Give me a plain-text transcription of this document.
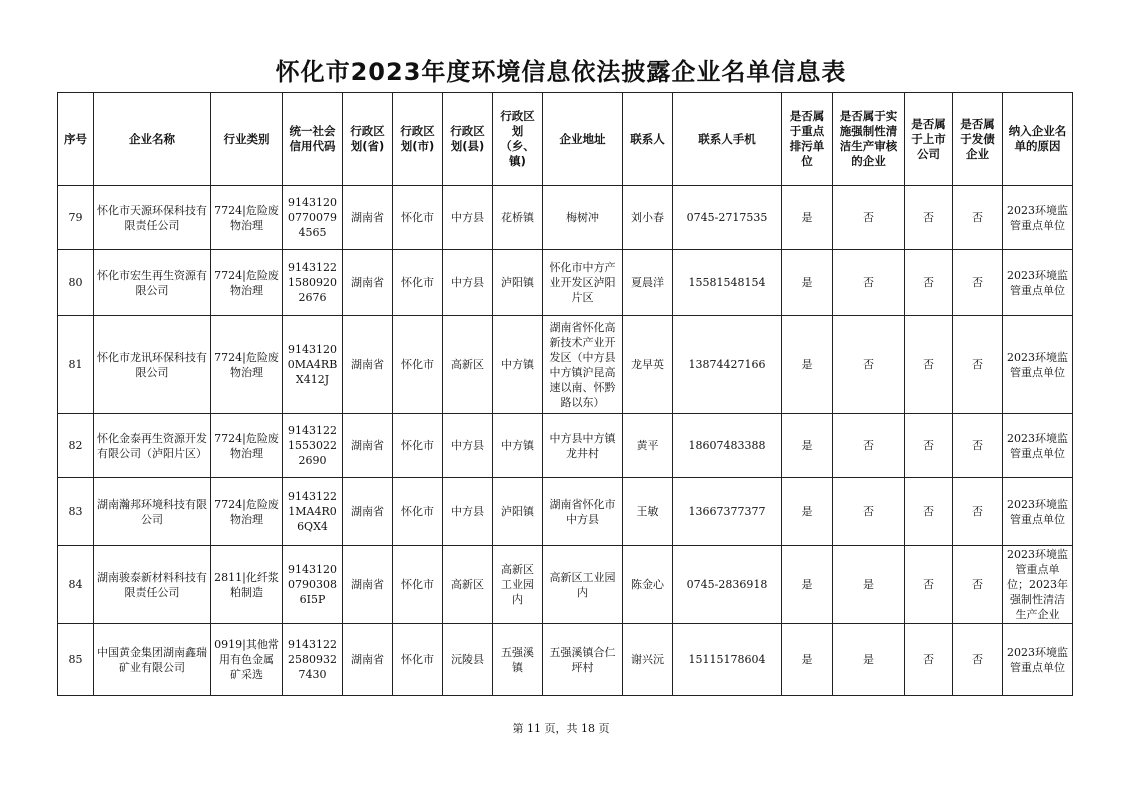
怀化市2023年度环境信息依法披露企业名单信息表
序号	企业名称	行业类别	统一社会信用代码	行政区划(省)	行政区划(市)	行政区划(县)	行政区划（乡、镇)	企业地址	联系人	联系人手机	是否属于重点排污单位	是否属于实施强制性清洁生产审核的企业	是否属于上市公司	是否属于发债企业	纳入企业名单的原因
79	怀化市天源环保科技有限责任公司	7724|危险废物治理	914312007700794565	湖南省	怀化市	中方县	花桥镇	梅树冲	刘小春	0745-2717535	是	否	否	否	2023环境监管重点单位
80	怀化市宏生再生资源有限公司	7724|危险废物治理	914312215809202676	湖南省	怀化市	中方县	泸阳镇	怀化市中方产业开发区泸阳片区	夏晨洋	15581548154	是	否	否	否	2023环境监管重点单位
81	怀化市龙讯环保科技有限公司	7724|危险废物治理	91431200MA4RBX412J	湖南省	怀化市	高新区	中方镇	湖南省怀化高新技术产业开发区（中方县中方镇沪昆高速以南、怀黔路以东）	龙早英	13874427166	是	否	否	否	2023环境监管重点单位
82	怀化金泰再生资源开发有限公司（泸阳片区）	7724|危险废物治理	914312215530222690	湖南省	怀化市	中方县	中方镇	中方县中方镇龙井村	黄平	18607483388	是	否	否	否	2023环境监管重点单位
83	湖南瀚邦环境科技有限公司	7724|危险废物治理	91431221MA4R06QX4	湖南省	怀化市	中方县	泸阳镇	湖南省怀化市中方县	王敏	13667377377	是	否	否	否	2023环境监管重点单位
84	湖南骏泰新材料科技有限责任公司	2811|化纤浆粕制造	914312007903086I5P	湖南省	怀化市	高新区	高新区工业园内	高新区工业园内	陈金心	0745-2836918	是	是	否	否	2023环境监管重点单位；2023年强制性清洁生产企业
85	中国黄金集团湖南鑫瑞矿业有限公司	0919|其他常用有色金属矿采选	914312225809327430	湖南省	怀化市	沅陵县	五强溪镇	五强溪镇合仁坪村	谢兴沅	15115178604	是	是	否	否	2023环境监管重点单位
第 11 页，共 18 页
